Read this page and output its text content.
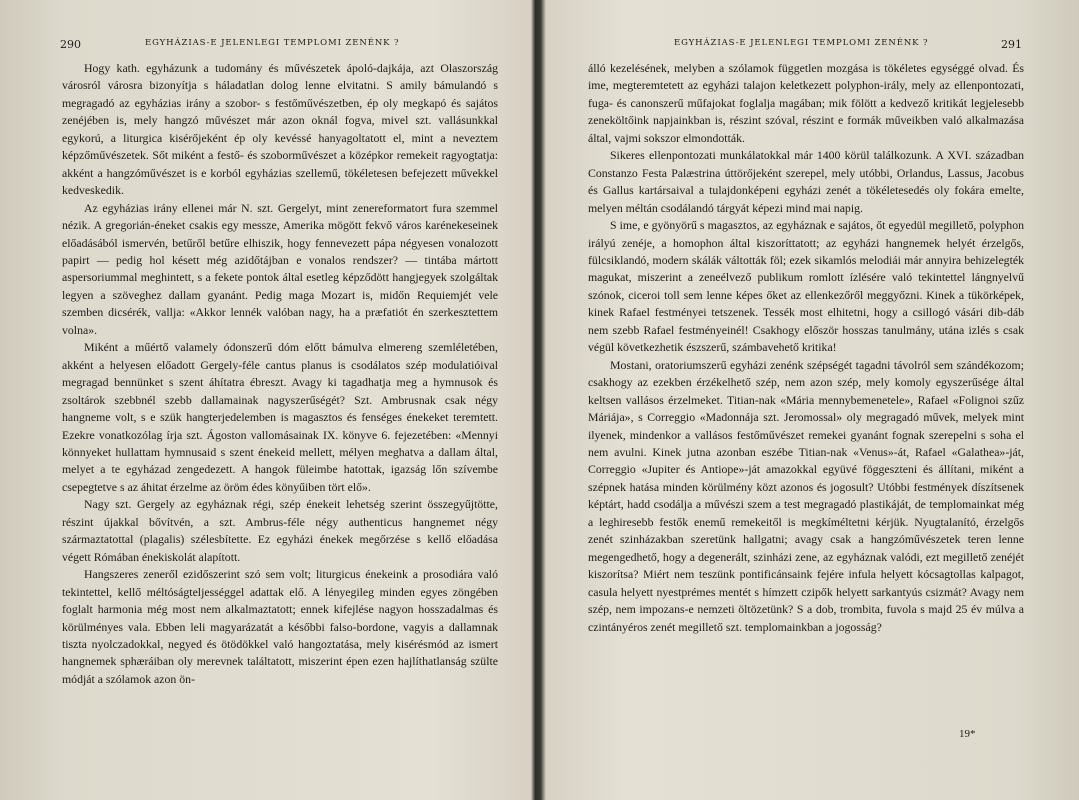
290	EGYHÁZIAS-E JELENLEGI TEMPLOMI ZENÉNK ?

Hogy kath. egyházunk a tudomány és művészetek ápoló-dajkája, azt Olaszország városról városra bizonyítja s háladatlan dolog lenne elvitatni. S amily bámulandó s megragadó az egyházias irány a szobor- s festőművészetben, ép oly megkapó és sajátos zenéjében is, mely hangzó művészet már azon oknál fogva, mivel szt. vallásunkkal egykorú, a liturgica kisérőjeként ép oly kevéssé hanyagoltatott el, mint a neveztem képzőművészetek. Sőt miként a festő- és szoborművészet a középkor remekeit ragyogtatja: akként a hangzóművészet is e korból egyházias szellemű, tökéletesen befejezett művekkel kedveskedik.

Az egyházias irány ellenei már N. szt. Gergelyt, mint zenereformatort fura szemmel nézik. A gregorián-éneket csakis egy messze, Amerika mögött fekvő város karénekeseinek előadásából ismervén, betűről betűre elhiszik, hogy fennevezett pápa négyesen vonalozott papirt — pedig hol késett még azidőtájban e vonalos rendszer? — tintába mártott aspersoriummal meghintett, s a fekete pontok által esetleg képződött hangjegyek szolgáltak legyen a szöveghez dallam gyanánt. Pedig maga Mozart is, midőn Requiemjét vele szemben dicsérék, vallja: «Akkor lennék valóban nagy, ha a præfatiót én szerkesztettem volna».

Miként a műértő valamely ódonszerű dóm előtt bámulva elmereng szemléletében, akként a helyesen előadott Gergely-féle cantus planus is csodálatos szép modulatióival megragad bennünket s szent áhítatra ébreszt. Avagy ki tagadhatja meg a hymnusok és zsoltárok szebbnél szebb dallamainak nagyszerűségét? Szt. Ambrusnak csak négy hangneme volt, s e szük hangterjedelemben is magasztos és fenséges énekeket teremtett. Ezekre vonatkozólag írja szt. Ágoston vallomásainak IX. könyve 6. fejezetében: «Mennyi könnyeket hullattam hymnusaid s szent énekeid mellett, mélyen meghatva a dallam által, melyet a te egyházad zengedezett. A hangok füleimbe hatottak, igazság lőn szívembe csepegtetve s az áhitat érzelme az öröm édes könyűiben tört elő».

Nagy szt. Gergely az egyháznak régi, szép énekeit lehetség szerint összegyűjtötte, részint újakkal bővítvén, a szt. Ambrus-féle négy authenticus hangnemet négy származtatottal (plagalis) szélesbítette. Ez egyházi énekek megőrzése s kellő előadása végett Rómában énekiskolát alapított.

Hangszeres zeneről ezidőszerint szó sem volt; liturgicus énekeink a prosodiára való tekintettel, kellő méltóságteljességgel adattak elő. A lényegileg minden egyes zöngében foglalt harmonia még most nem alkalmaztatott; ennek kifejlése nagyon hosszadalmas és körülményes vala. Ebben leli magyarázatát a későbbi falso-bordone, vagyis a dallamnak tiszta nyolczadokkal, negyed és ötödökkel való hangoztatása, mely kisérésmód az ismert hangnemek sphæráiban oly merevnek találtatott, miszerint épen ezen hajlíthatlanság szülte módját a szólamok azon ön-

EGYHÁZIAS-E JELENLEGI TEMPLOMI ZENÉNK ?	291

álló kezelésének, melyben a szólamok független mozgása is tökéletes egységgé olvad. És ime, megteremtetett az egyházi talajon keletkezett polyphon-irály, mely az ellenpontozati, fuga- és canonszerű műfajokat foglalja magában; mik fölött a kedvező kritikát legjelesebb zeneköltőink napjainkban is, részint szóval, részint e formák műveikben való alkalmazása által, vajmi sokszor elmondották.

Sikeres ellenpontozati munkálatokkal már 1400 körül találkozunk. A XVI. században Constanzo Festa Palæstrina úttörőjeként szerepel, mely utóbbi, Orlandus, Lassus, Jacobus és Gallus kartársaival a tulajdonképeni egyházi zenét a tökéletesedés oly fokára emelte, melyen méltán csodálandó tárgyát képezi mind mai napig.

S ime, e gyönyörű s magasztos, az egyháznak e sajátos, őt egyedül megillető, polyphon irályú zenéje, a homophon által kiszoríttatott; az egyházi hangnemek helyét érzelgős, fülcsiklandó, modern skálák váltották föl; ezek sikamlós melodiái már annyira behizelegték magukat, miszerint a zeneélvező publikum romlott ízlésére való tekintettel lángnyelvű szónok, ciceroi toll sem lenne képes őket az ellenkezőről meggyőzni. Kinek a tükörképek, kinek Rafael festményei tetszenek. Tessék most elhitetni, hogy a csillogó vásári dib-dáb nem szebb Rafael festményeinél! Csakhogy először hosszas tanulmány, utána izlés s csak végül következhetik észszerű, számbavehető kritika!

Mostani, oratoriumszerű egyházi zenénk szépségét tagadni távolról sem szándékozom; csakhogy az ezekben érzékelhető szép, nem azon szép, mely komoly egyszerűsége által keltsen vallásos érzelmeket. Titian-nak «Mária mennybemenetele», Rafael «Folignoi szűz Máriája», s Correggio «Madonnája szt. Jeromossal» oly megragadó művek, melyek mint ilyenek, mindenkor a vallásos festőművészet remekei gyanánt fognak szerepelni s soha el nem avulni. Kinek jutna azonban eszébe Titian-nak «Venus»-át, Rafael «Galathea»-ját, Correggio «Jupiter és Antiope»-ját amazokkal együvé föggeszteni és állítani, miként a szépnek hatása minden körülmény közt azonos és jogosult? Utóbbi festmények díszítsenek képtárt, hadd csodálja a művészi szem a test megragadó plastikáját, de templomainkat még a leghiresebb festők enemű remekeitől is megkíméltetni kérjük. Nyugtalanító, érzelgős zenét szinházakban szeretünk hallgatni; avagy csak a hangzóművészetek teren lenne megengedhető, hogy a degenerált, szinházi zene, az egyháznak valódi, ezt megillető zenéjét kiszorítsa? Miért nem teszünk pontificánsaink fejére infula helyett kócsagtollas kalpagot, casula helyett nyestprémes mentét s hímzett czipők helyett sarkantyús csizmát? Avagy nem szép, nem impozans-e nemzeti öltözetünk? S a dob, trombita, fuvola s majd 25 év múlva a czintányéros zenét megillető szt. templomainkban a jogosság?

19*
